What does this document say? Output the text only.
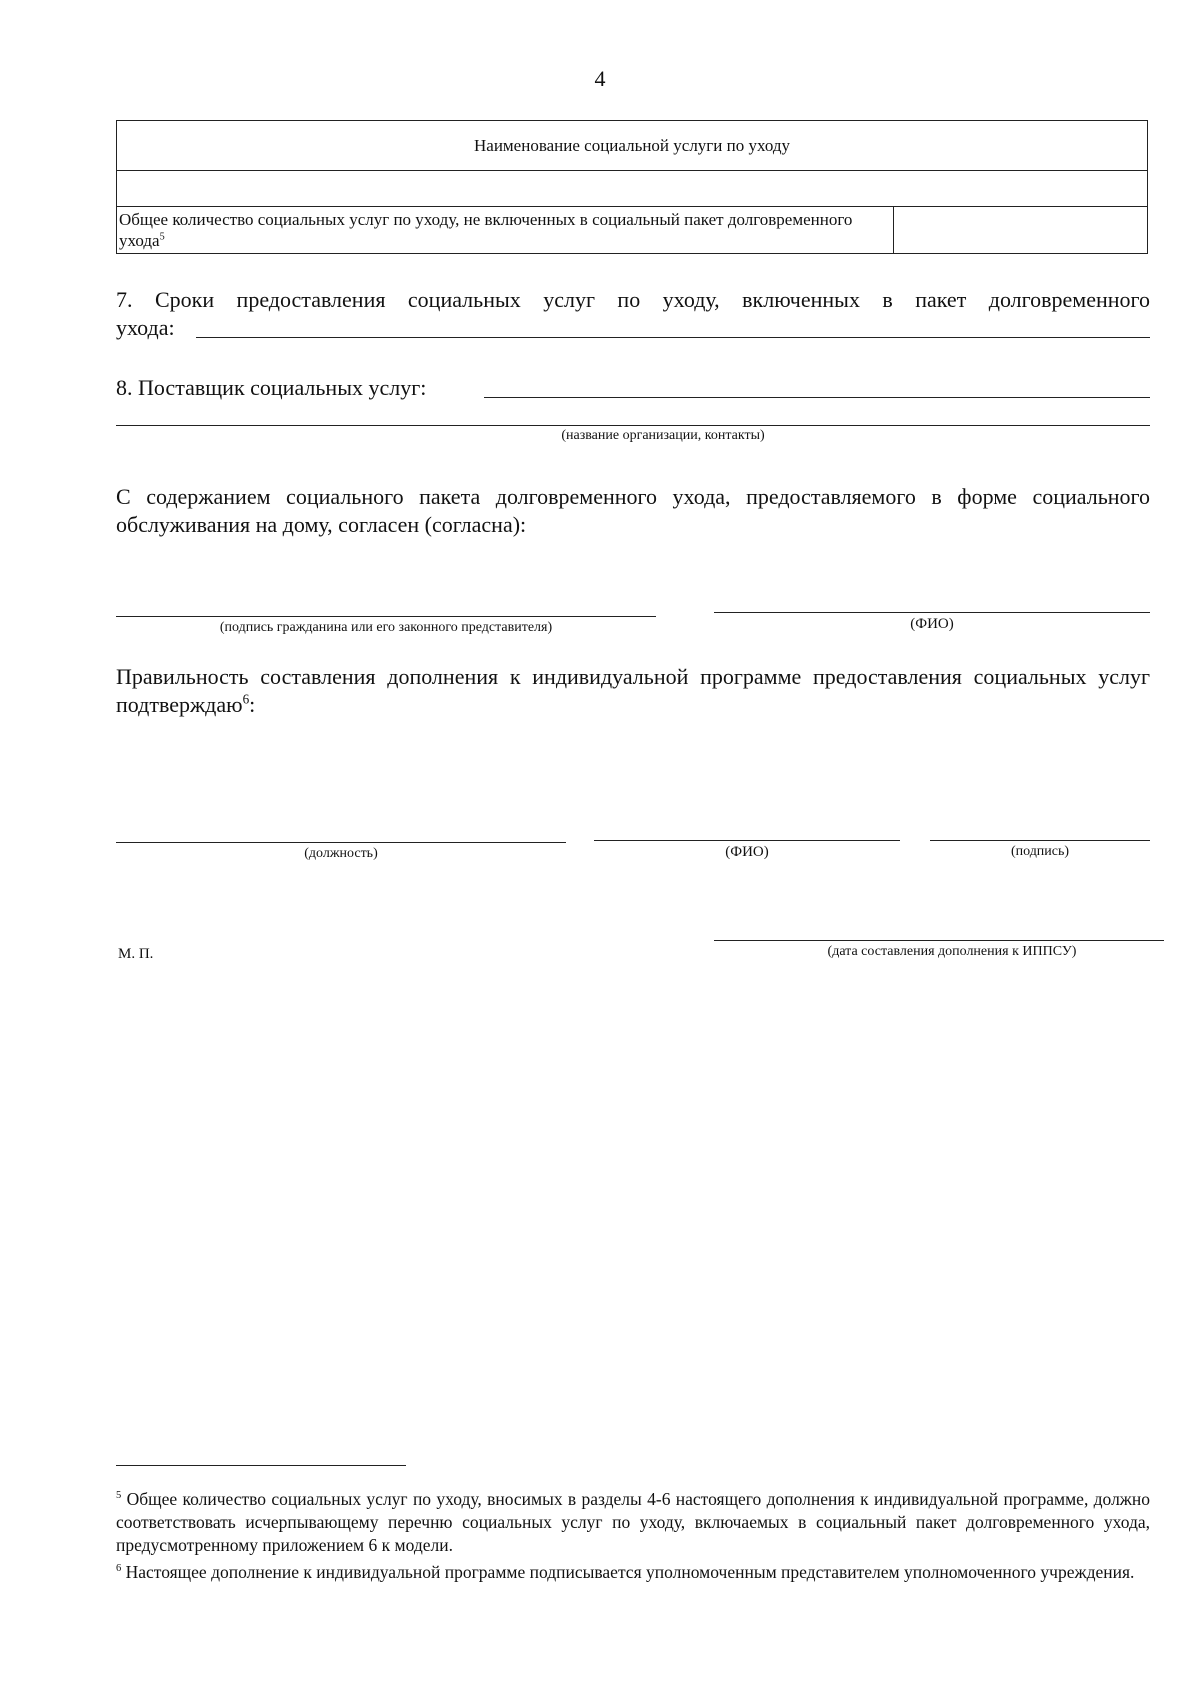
4
Наименование социальной услуги по уходу
Общее количество социальных услуг по уходу, не включенных в социальный пакет долговременного ухода$^5$
7. Сроки предоставления социальных услуг по уходу, включенных в пакет долговременного
ухода:
8. Поставщик социальных услуг:
(название организации, контакты)
С содержанием социального пакета долговременного ухода, предоставляемого в форме социального обслуживания на дому, согласен (согласна):
(подпись гражданина или его законного представителя)	(ФИО)
Правильность составления дополнения к индивидуальной программе предоставления социальных услуг подтверждаю$^6$:
(должность)	(ФИО)	(подпись)
М. П.	(дата составления дополнения к ИППСУ)
$^5$ Общее количество социальных услуг по уходу, вносимых в разделы 4-6 настоящего дополнения к индивидуальной программе, должно соответствовать исчерпывающему перечню социальных услуг по уходу, включаемых в социальный пакет долговременного ухода, предусмотренному приложением 6 к модели.
$^6$ Настоящее дополнение к индивидуальной программе подписывается уполномоченным представителем уполномоченного учреждения.
